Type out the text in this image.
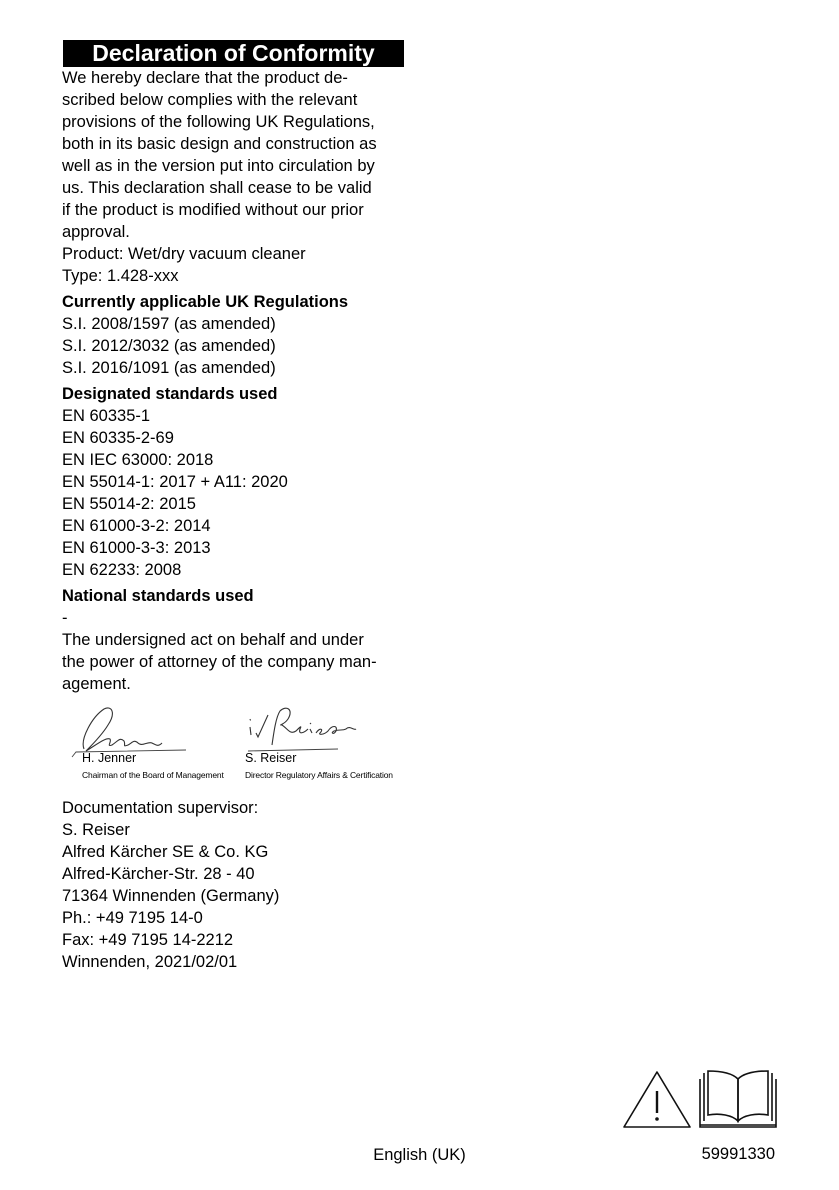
Declaration of Conformity
We hereby declare that the product de-
scribed below complies with the relevant
provisions of the following UK Regulations,
both in its basic design and construction as
well as in the version put into circulation by
us. This declaration shall cease to be valid
if the product is modified without our prior
approval.
Product: Wet/dry vacuum cleaner
Type: 1.428-xxx
Currently applicable UK Regulations
S.I. 2008/1597 (as amended)
S.I. 2012/3032 (as amended)
S.I. 2016/1091 (as amended)
Designated standards used
EN 60335-1
EN 60335-2-69
EN IEC 63000: 2018
EN 55014-1: 2017 + A11: 2020
EN 55014-2: 2015
EN 61000-3-2: 2014
EN 61000-3-3: 2013
EN 62233: 2008
National standards used
-
The undersigned act on behalf and under
the power of attorney of the company man-
agement.
H. Jenner
Chairman of the Board of Management
S. Reiser
Director Regulatory Affairs & Certification
Documentation supervisor:
S. Reiser
Alfred Kärcher SE & Co. KG
Alfred-Kärcher-Str. 28 - 40
71364 Winnenden (Germany)
Ph.: +49 7195 14-0
Fax: +49 7195 14-2212
Winnenden, 2021/02/01
English (UK)	59991330
